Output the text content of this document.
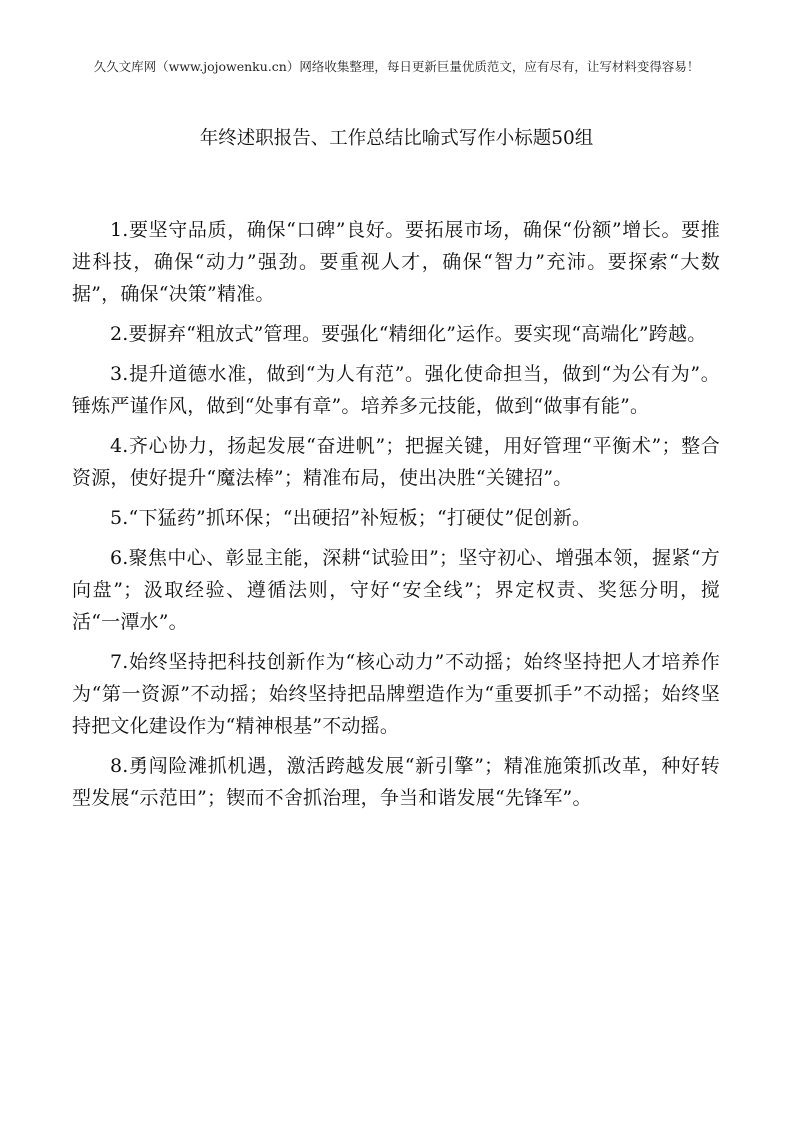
久久文库网（www.jojowenku.cn）网络收集整理，每日更新巨量优质范文，应有尽有，让写材料变得容易！
年终述职报告、工作总结比喻式写作小标题50组

1.要坚守品质，确保“口碑”良好。要拓展市场，确保“份额”增长。要推进科技，确保“动力”强劲。要重视人才，确保“智力”充沛。要探索“大数据”，确保“决策”精准。

2.要摒弃“粗放式”管理。要强化“精细化”运作。要实现“高端化”跨越。

3.提升道德水准，做到“为人有范”。强化使命担当，做到“为公有为”。锤炼严谨作风，做到“处事有章”。培养多元技能，做到“做事有能”。

4.齐心协力，扬起发展“奋进帆”；把握关键，用好管理“平衡术”；整合资源，使好提升“魔法棒”；精准布局，使出决胜“关键招”。

5.“下猛药”抓环保；“出硬招”补短板；“打硬仗”促创新。

6.聚焦中心、彰显主能，深耕“试验田”；坚守初心、增强本领，握紧“方向盘”；汲取经验、遵循法则，守好“安全线”；界定权责、奖惩分明，搅活“一潭水”。

7.始终坚持把科技创新作为“核心动力”不动摇；始终坚持把人才培养作为“第一资源”不动摇；始终坚持把品牌塑造作为“重要抓手”不动摇；始终坚持把文化建设作为“精神根基”不动摇。

8.勇闯险滩抓机遇，激活跨越发展“新引擎”；精准施策抓改革，种好转型发展“示范田”；锲而不舍抓治理，争当和谐发展“先锋军”。
